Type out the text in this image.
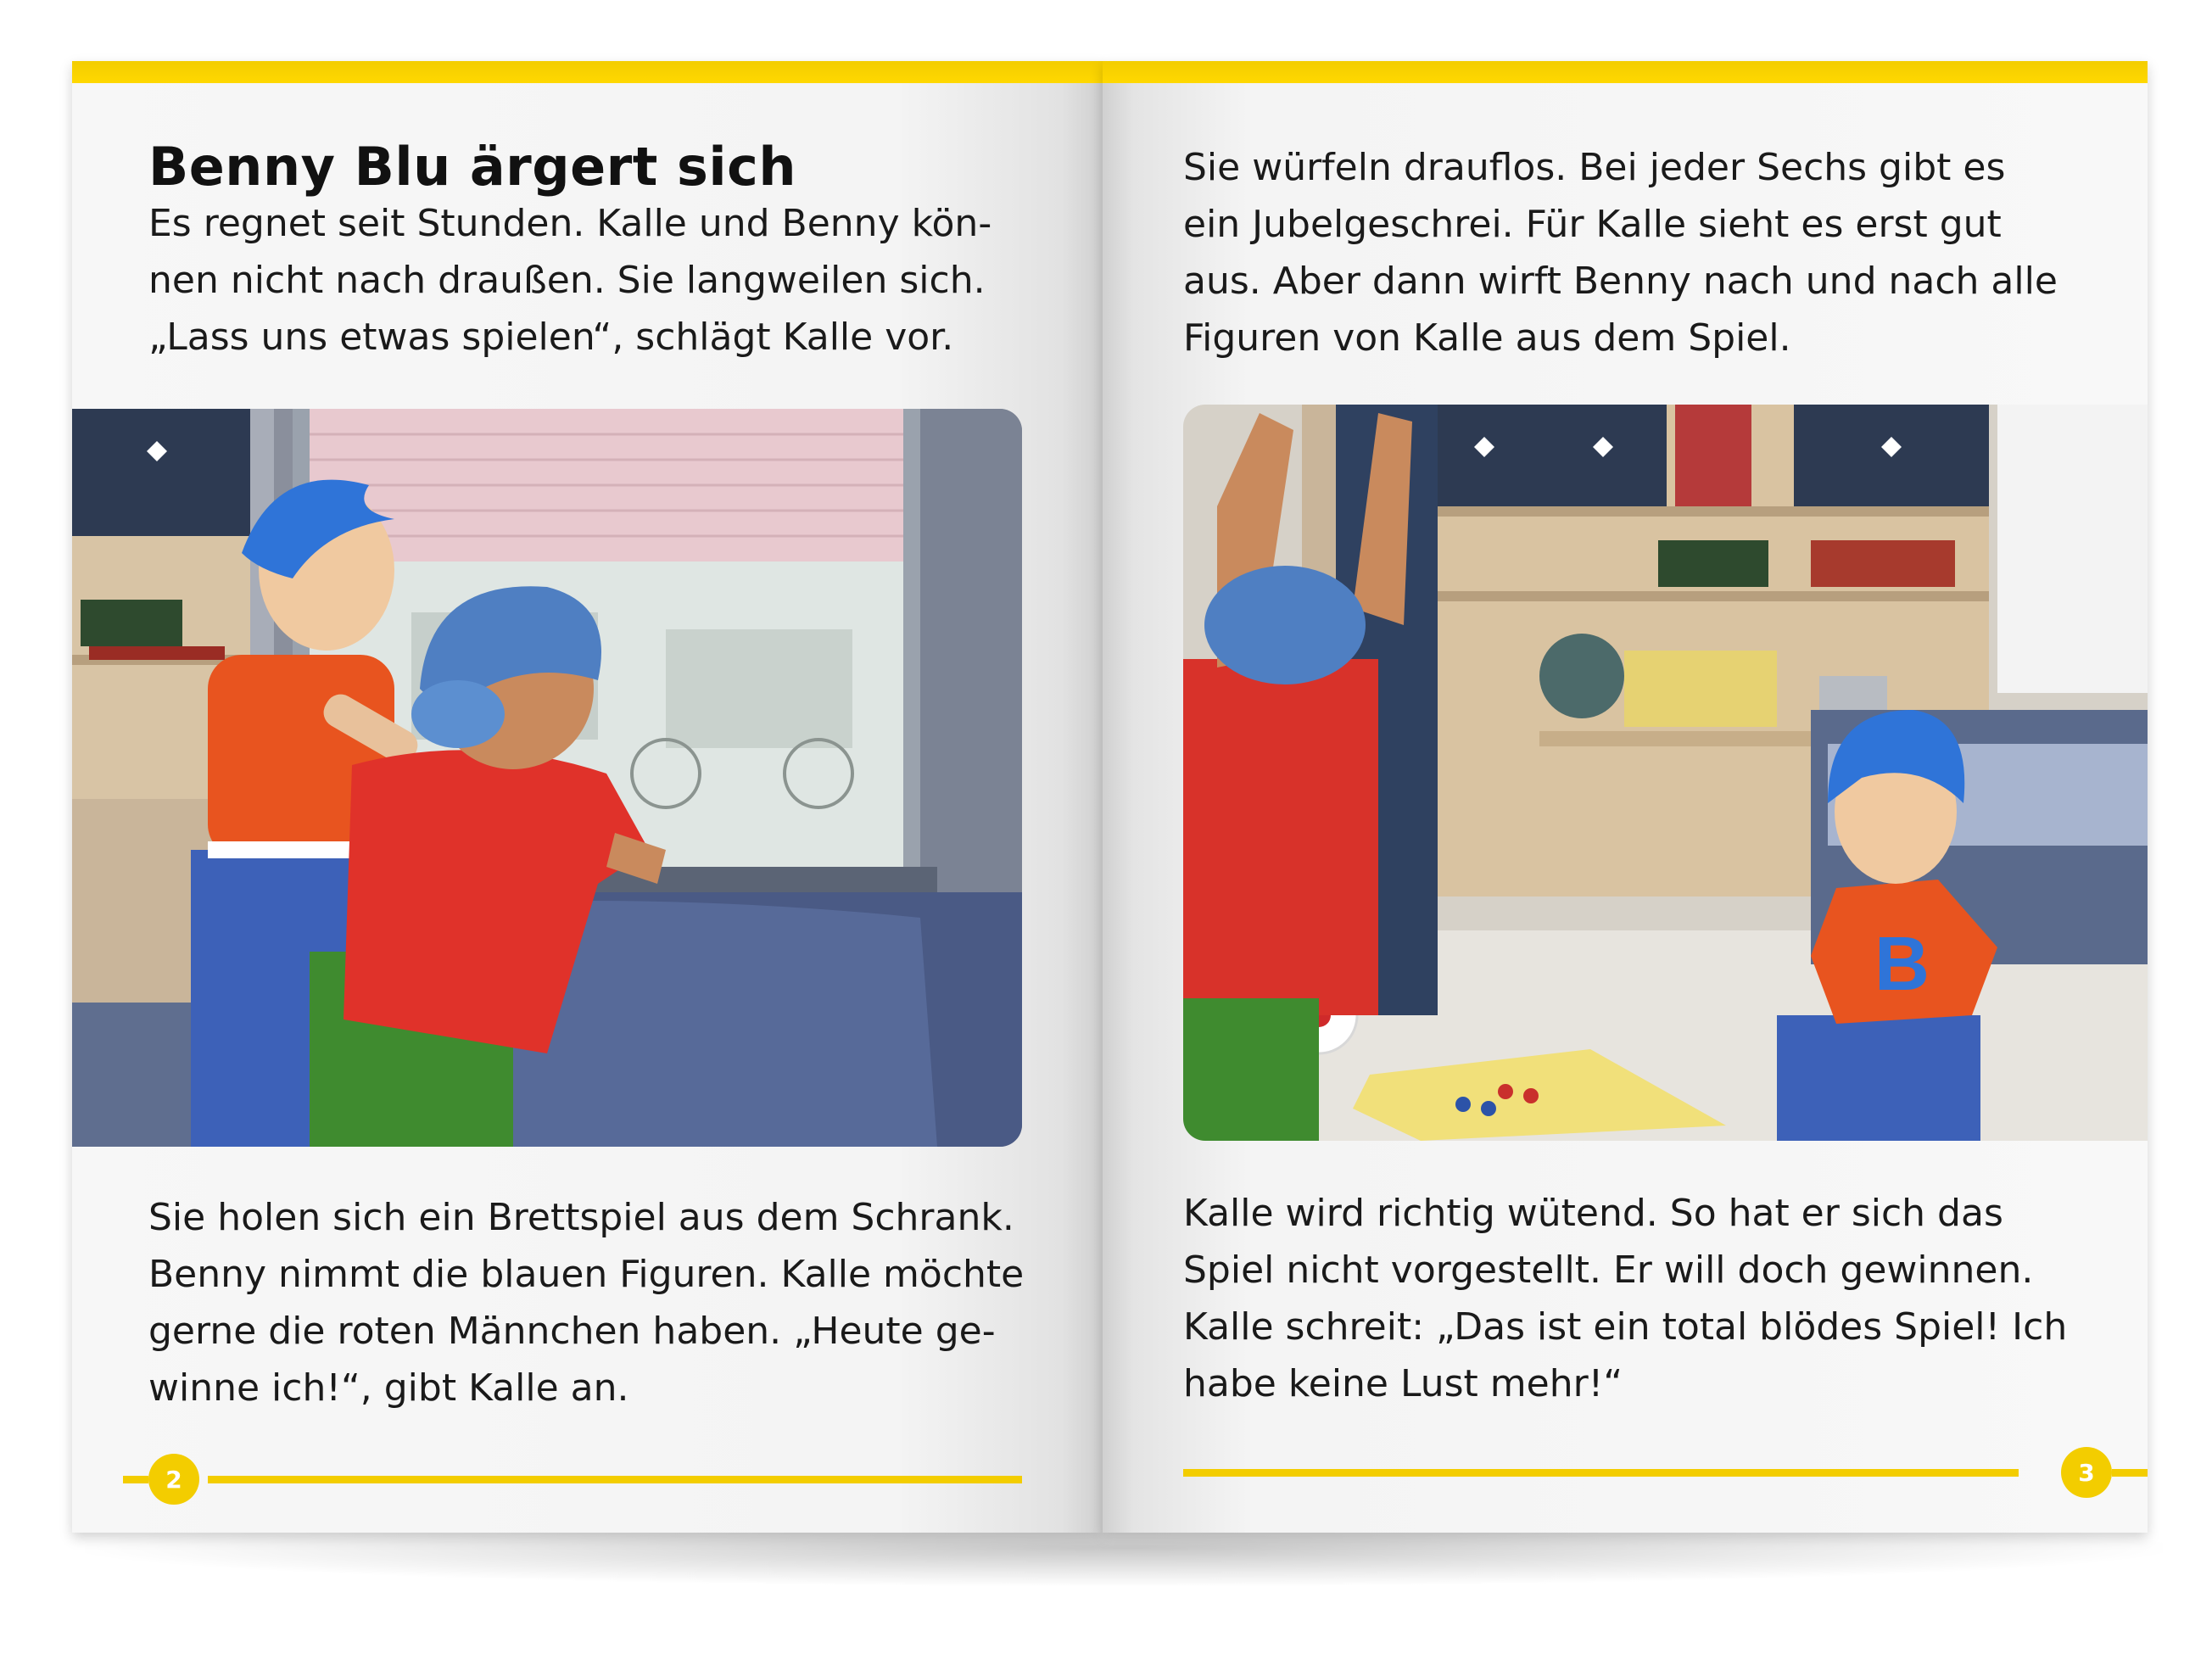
Benny Blu ärgert sich

Es regnet seit Stunden. Kalle und Benny kön-
nen nicht nach draußen. Sie langweilen sich.
„Lass uns etwas spielen“, schlägt Kalle vor.

Sie holen sich ein Brettspiel aus dem Schrank.
Benny nimmt die blauen Figuren. Kalle möchte
gerne die roten Männchen haben. „Heute ge-
winne ich!“, gibt Kalle an.

2

Sie würfeln drauflos. Bei jeder Sechs gibt es
ein Jubelgeschrei. Für Kalle sieht es erst gut
aus. Aber dann wirft Benny nach und nach alle
Figuren von Kalle aus dem Spiel.

B

Kalle wird richtig wütend. So hat er sich das
Spiel nicht vorgestellt. Er will doch gewinnen.
Kalle schreit: „Das ist ein total blödes Spiel! Ich
habe keine Lust mehr!“

3
